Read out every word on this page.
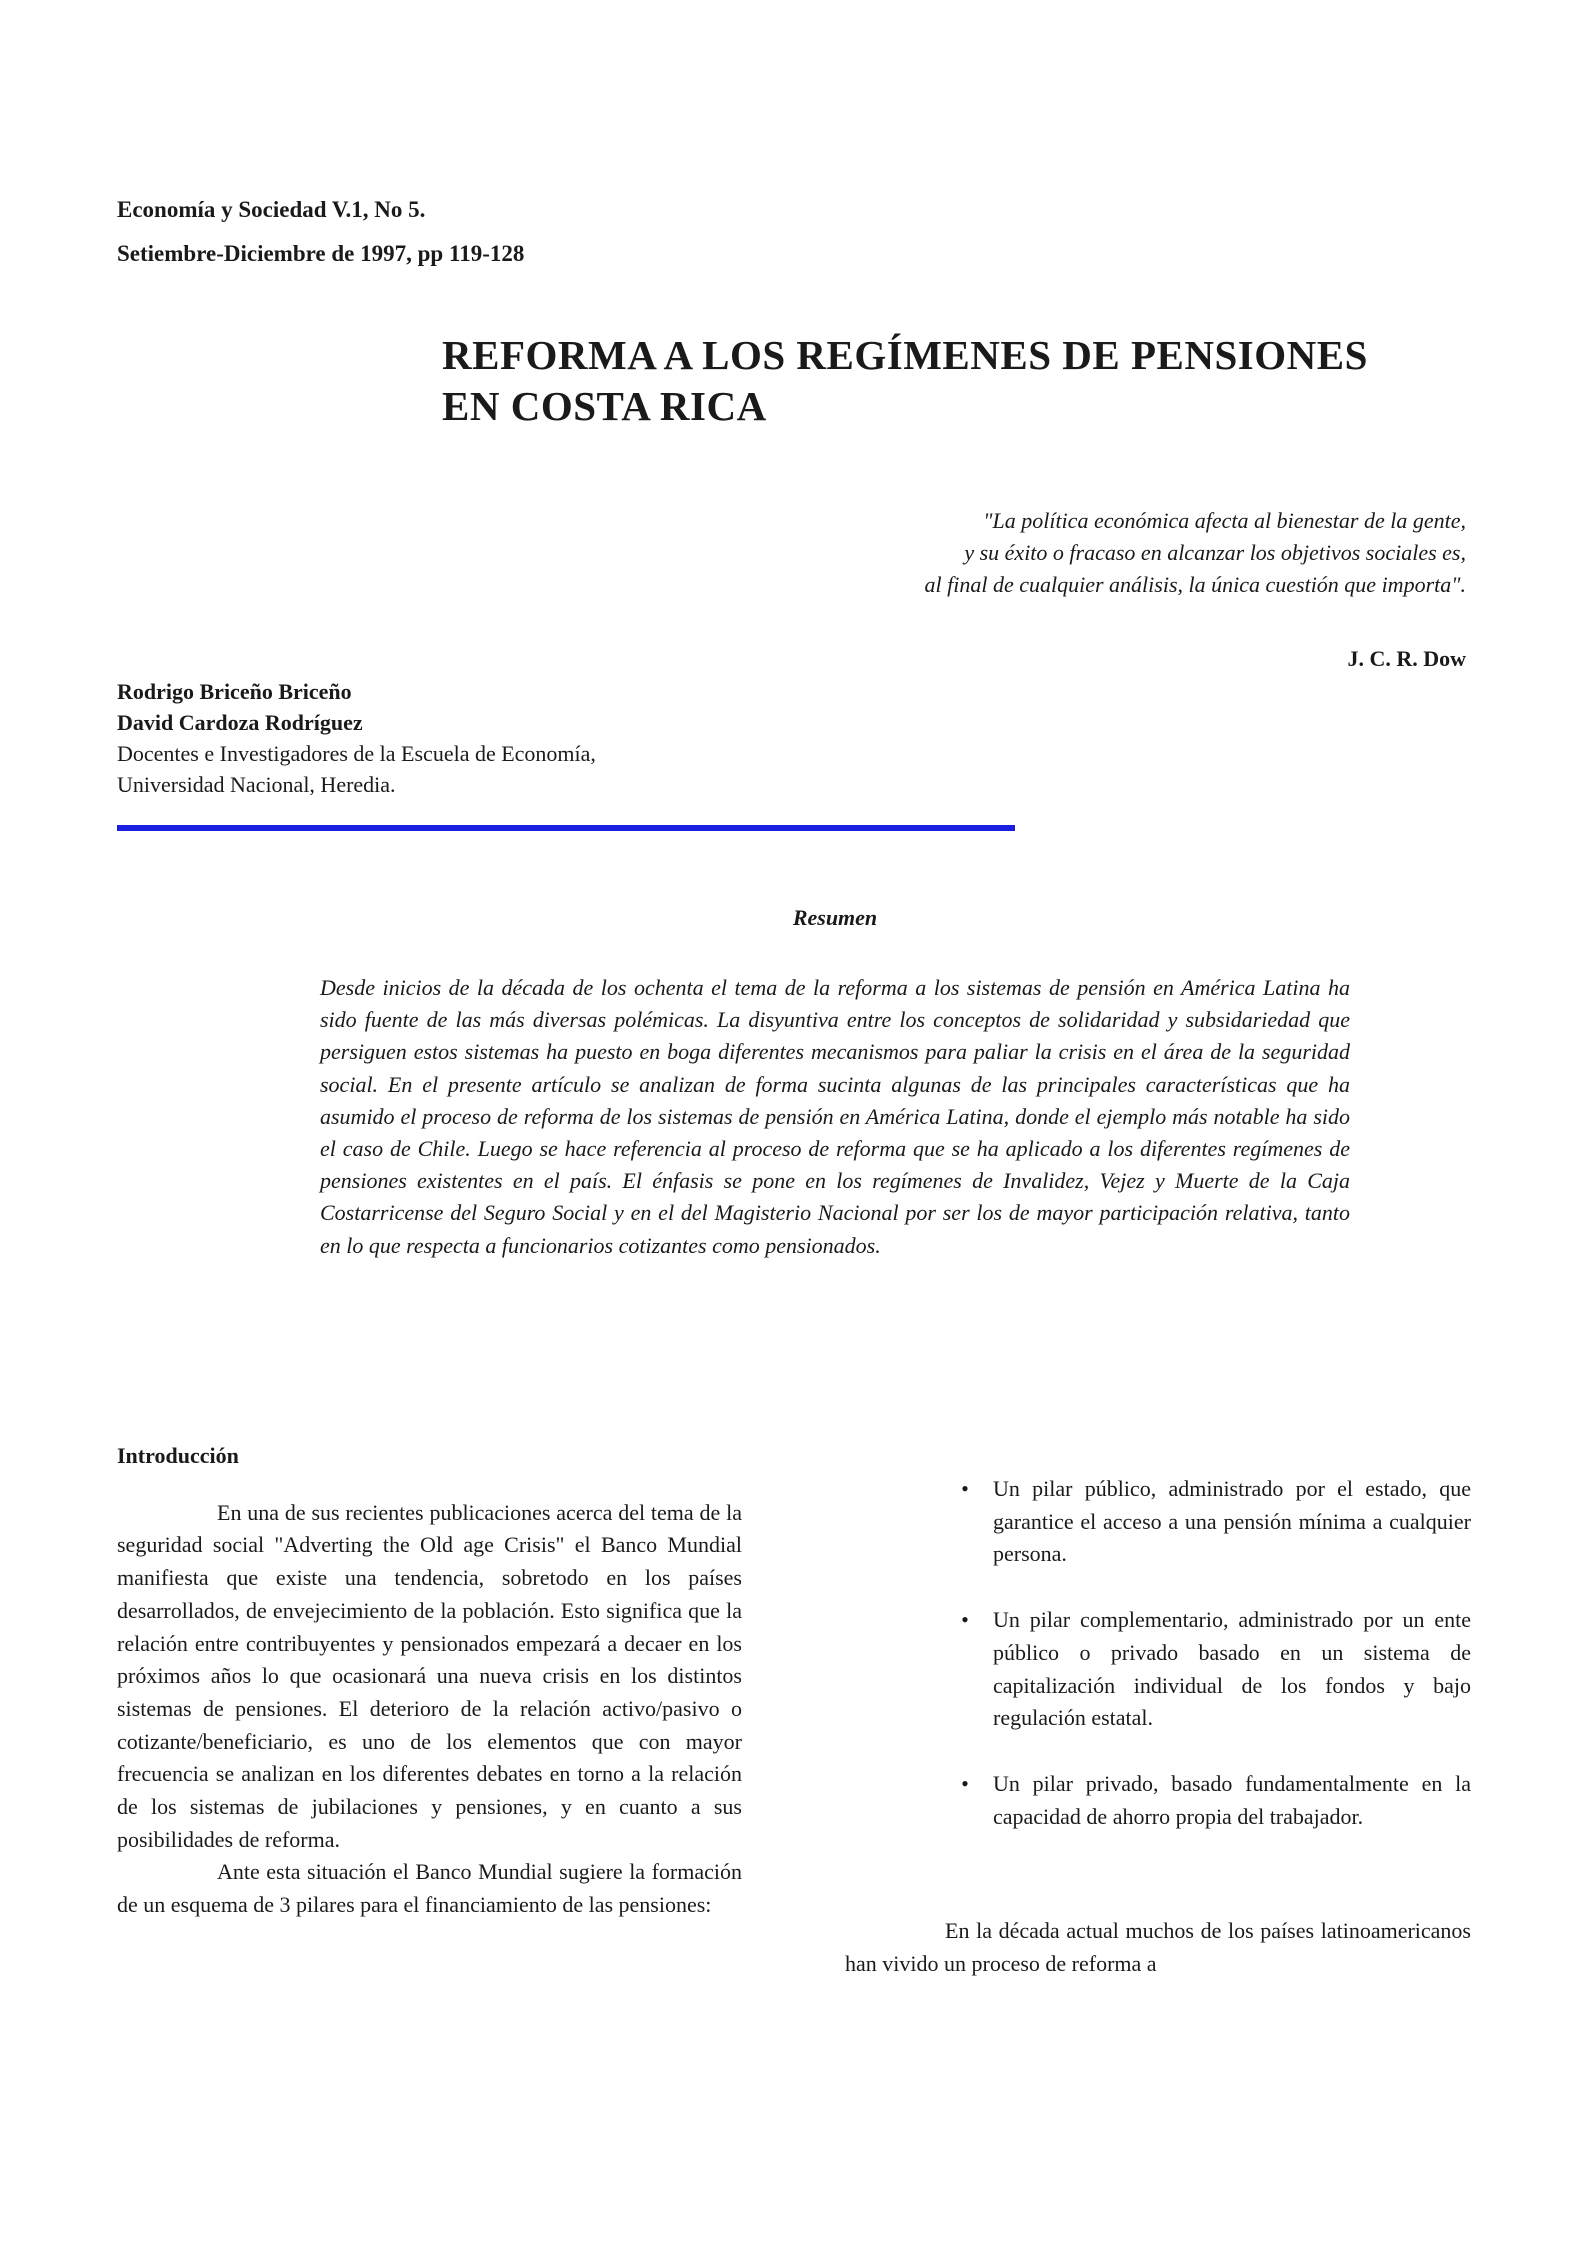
Economía y Sociedad V.1, No 5.
Setiembre-Diciembre de 1997, pp 119-128
REFORMA A LOS REGÍMENES DE PENSIONES
EN COSTA RICA
"La política económica afecta al bienestar de la gente,
y su éxito o fracaso en alcanzar los objetivos sociales es,
al final de cualquier análisis, la única cuestión que importa".
J. C. R. Dow
Rodrigo Briceño Briceño
David Cardoza Rodríguez
Docentes e Investigadores de la Escuela de Economía,
Universidad Nacional, Heredia.
Resumen
Desde inicios de la década de los ochenta el tema de la reforma a los sistemas de pensión en América Latina ha sido fuente de las más diversas polémicas. La disyuntiva entre los conceptos de solidaridad y subsidariedad que persiguen estos sistemas ha puesto en boga diferentes mecanismos para paliar la crisis en el área de la seguridad social. En el presente artículo se analizan de forma sucinta algunas de las principales características que ha asumido el proceso de reforma de los sistemas de pensión en América Latina, donde el ejemplo más notable ha sido el caso de Chile. Luego se hace referencia al proceso de reforma que se ha aplicado a los diferentes regímenes de pensiones existentes en el país. El énfasis se pone en los regímenes de Invalidez, Vejez y Muerte de la Caja Costarricense del Seguro Social y en el del Magisterio Nacional por ser los de mayor participación relativa, tanto en lo que respecta a funcionarios cotizantes como pensionados.
Introducción

En una de sus recientes publicaciones acerca del tema de la seguridad social "Adverting the Old age Crisis" el Banco Mundial manifiesta que existe una tendencia, sobretodo en los países desarrollados, de envejecimiento de la población. Esto significa que la relación entre contribuyentes y pensionados empezará a decaer en los próximos años lo que ocasionará una nueva crisis en los distintos sistemas de pensiones. El deterioro de la relación activo/pasivo o cotizante/beneficiario, es uno de los elementos que con mayor frecuencia se analizan en los diferentes debates en torno a la relación de los sistemas de jubilaciones y pensiones, y en cuanto a sus posibilidades de reforma.

Ante esta situación el Banco Mundial sugiere la formación de un esquema de 3 pilares para el financiamiento de las pensiones:

•	Un pilar público, administrado por el estado, que garantice el acceso a una pensión mínima a cualquier persona.
•	Un pilar complementario, administrado por un ente público o privado basado en un sistema de capitalización individual de los fondos y bajo regulación estatal.
•	Un pilar privado, basado fundamentalmente en la capacidad de ahorro propia del trabajador.

En la década actual muchos de los países latinoamericanos han vivido un proceso de reforma a
